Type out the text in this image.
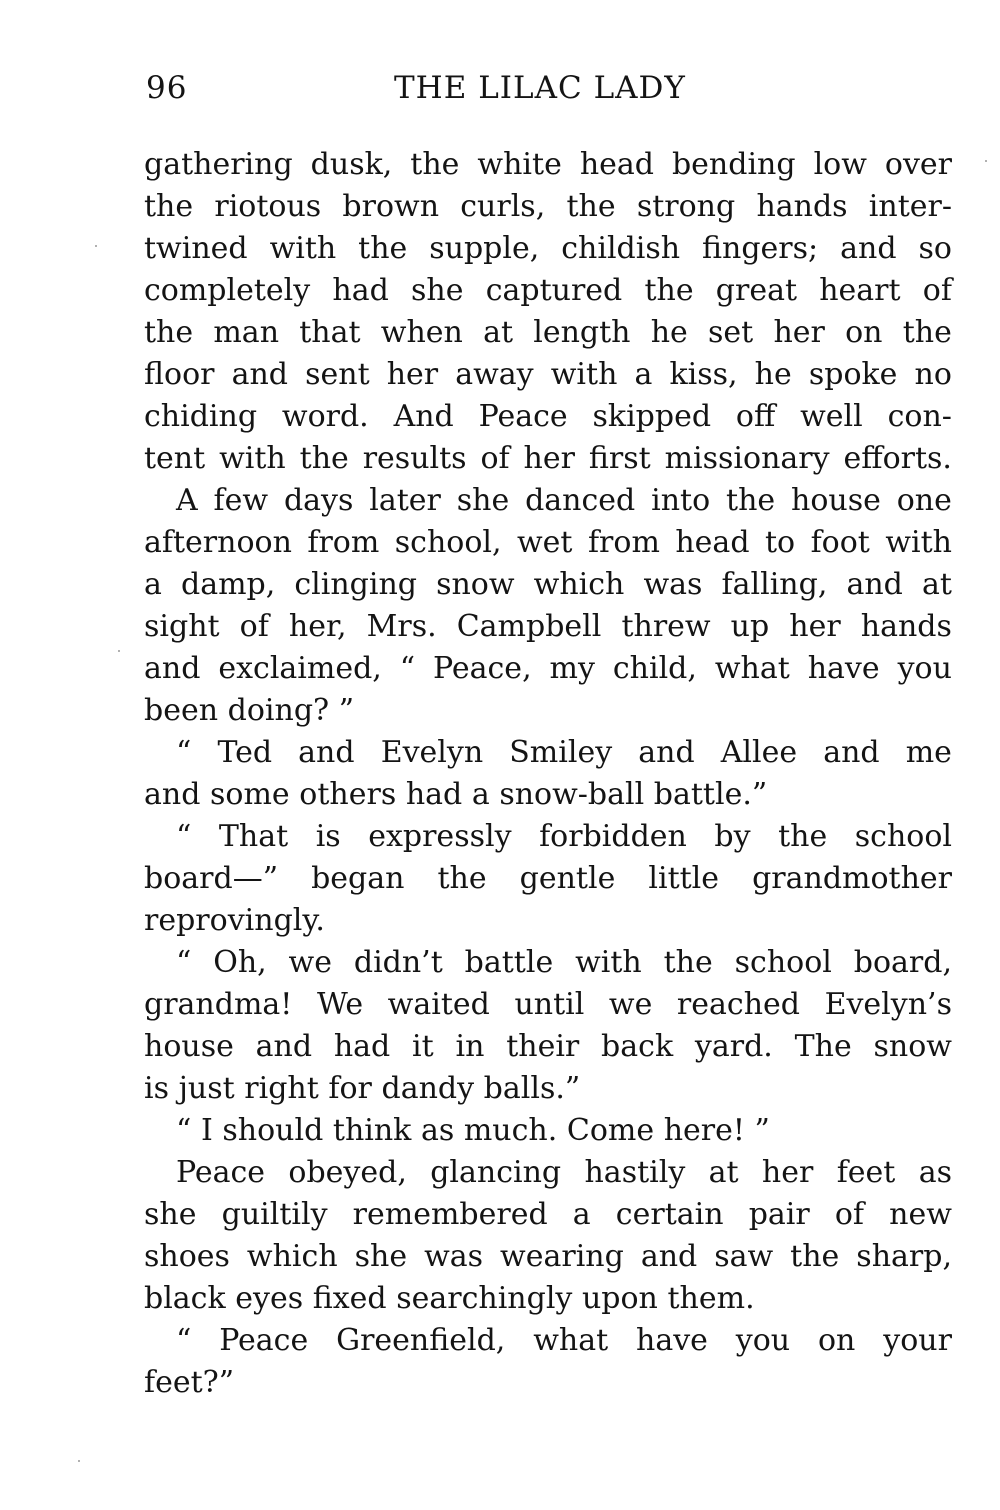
96	THE LILAC LADY
gathering dusk, the white head bending low over
the riotous brown curls, the strong hands inter-
twined with the supple, childish fingers; and so
completely had she captured the great heart of
the man that when at length he set her on the
floor and sent her away with a kiss, he spoke no
chiding word. And Peace skipped off well con-
tent with the results of her first missionary efforts.
A few days later she danced into the house one
afternoon from school, wet from head to foot with
a damp, clinging snow which was falling, and at
sight of her, Mrs. Campbell threw up her hands
and exclaimed, “ Peace, my child, what have you
been doing? ”
“ Ted and Evelyn Smiley and Allee and me
and some others had a snow-ball battle.”
“ That is expressly forbidden by the school
board—” began the gentle little grandmother
reprovingly.
“ Oh, we didn’t battle with the school board,
grandma! We waited until we reached Evelyn’s
house and had it in their back yard. The snow
is just right for dandy balls.”
“ I should think as much. Come here! ”
Peace obeyed, glancing hastily at her feet as
she guiltily remembered a certain pair of new
shoes which she was wearing and saw the sharp,
black eyes fixed searchingly upon them.
“ Peace Greenfield, what have you on your
feet?”
